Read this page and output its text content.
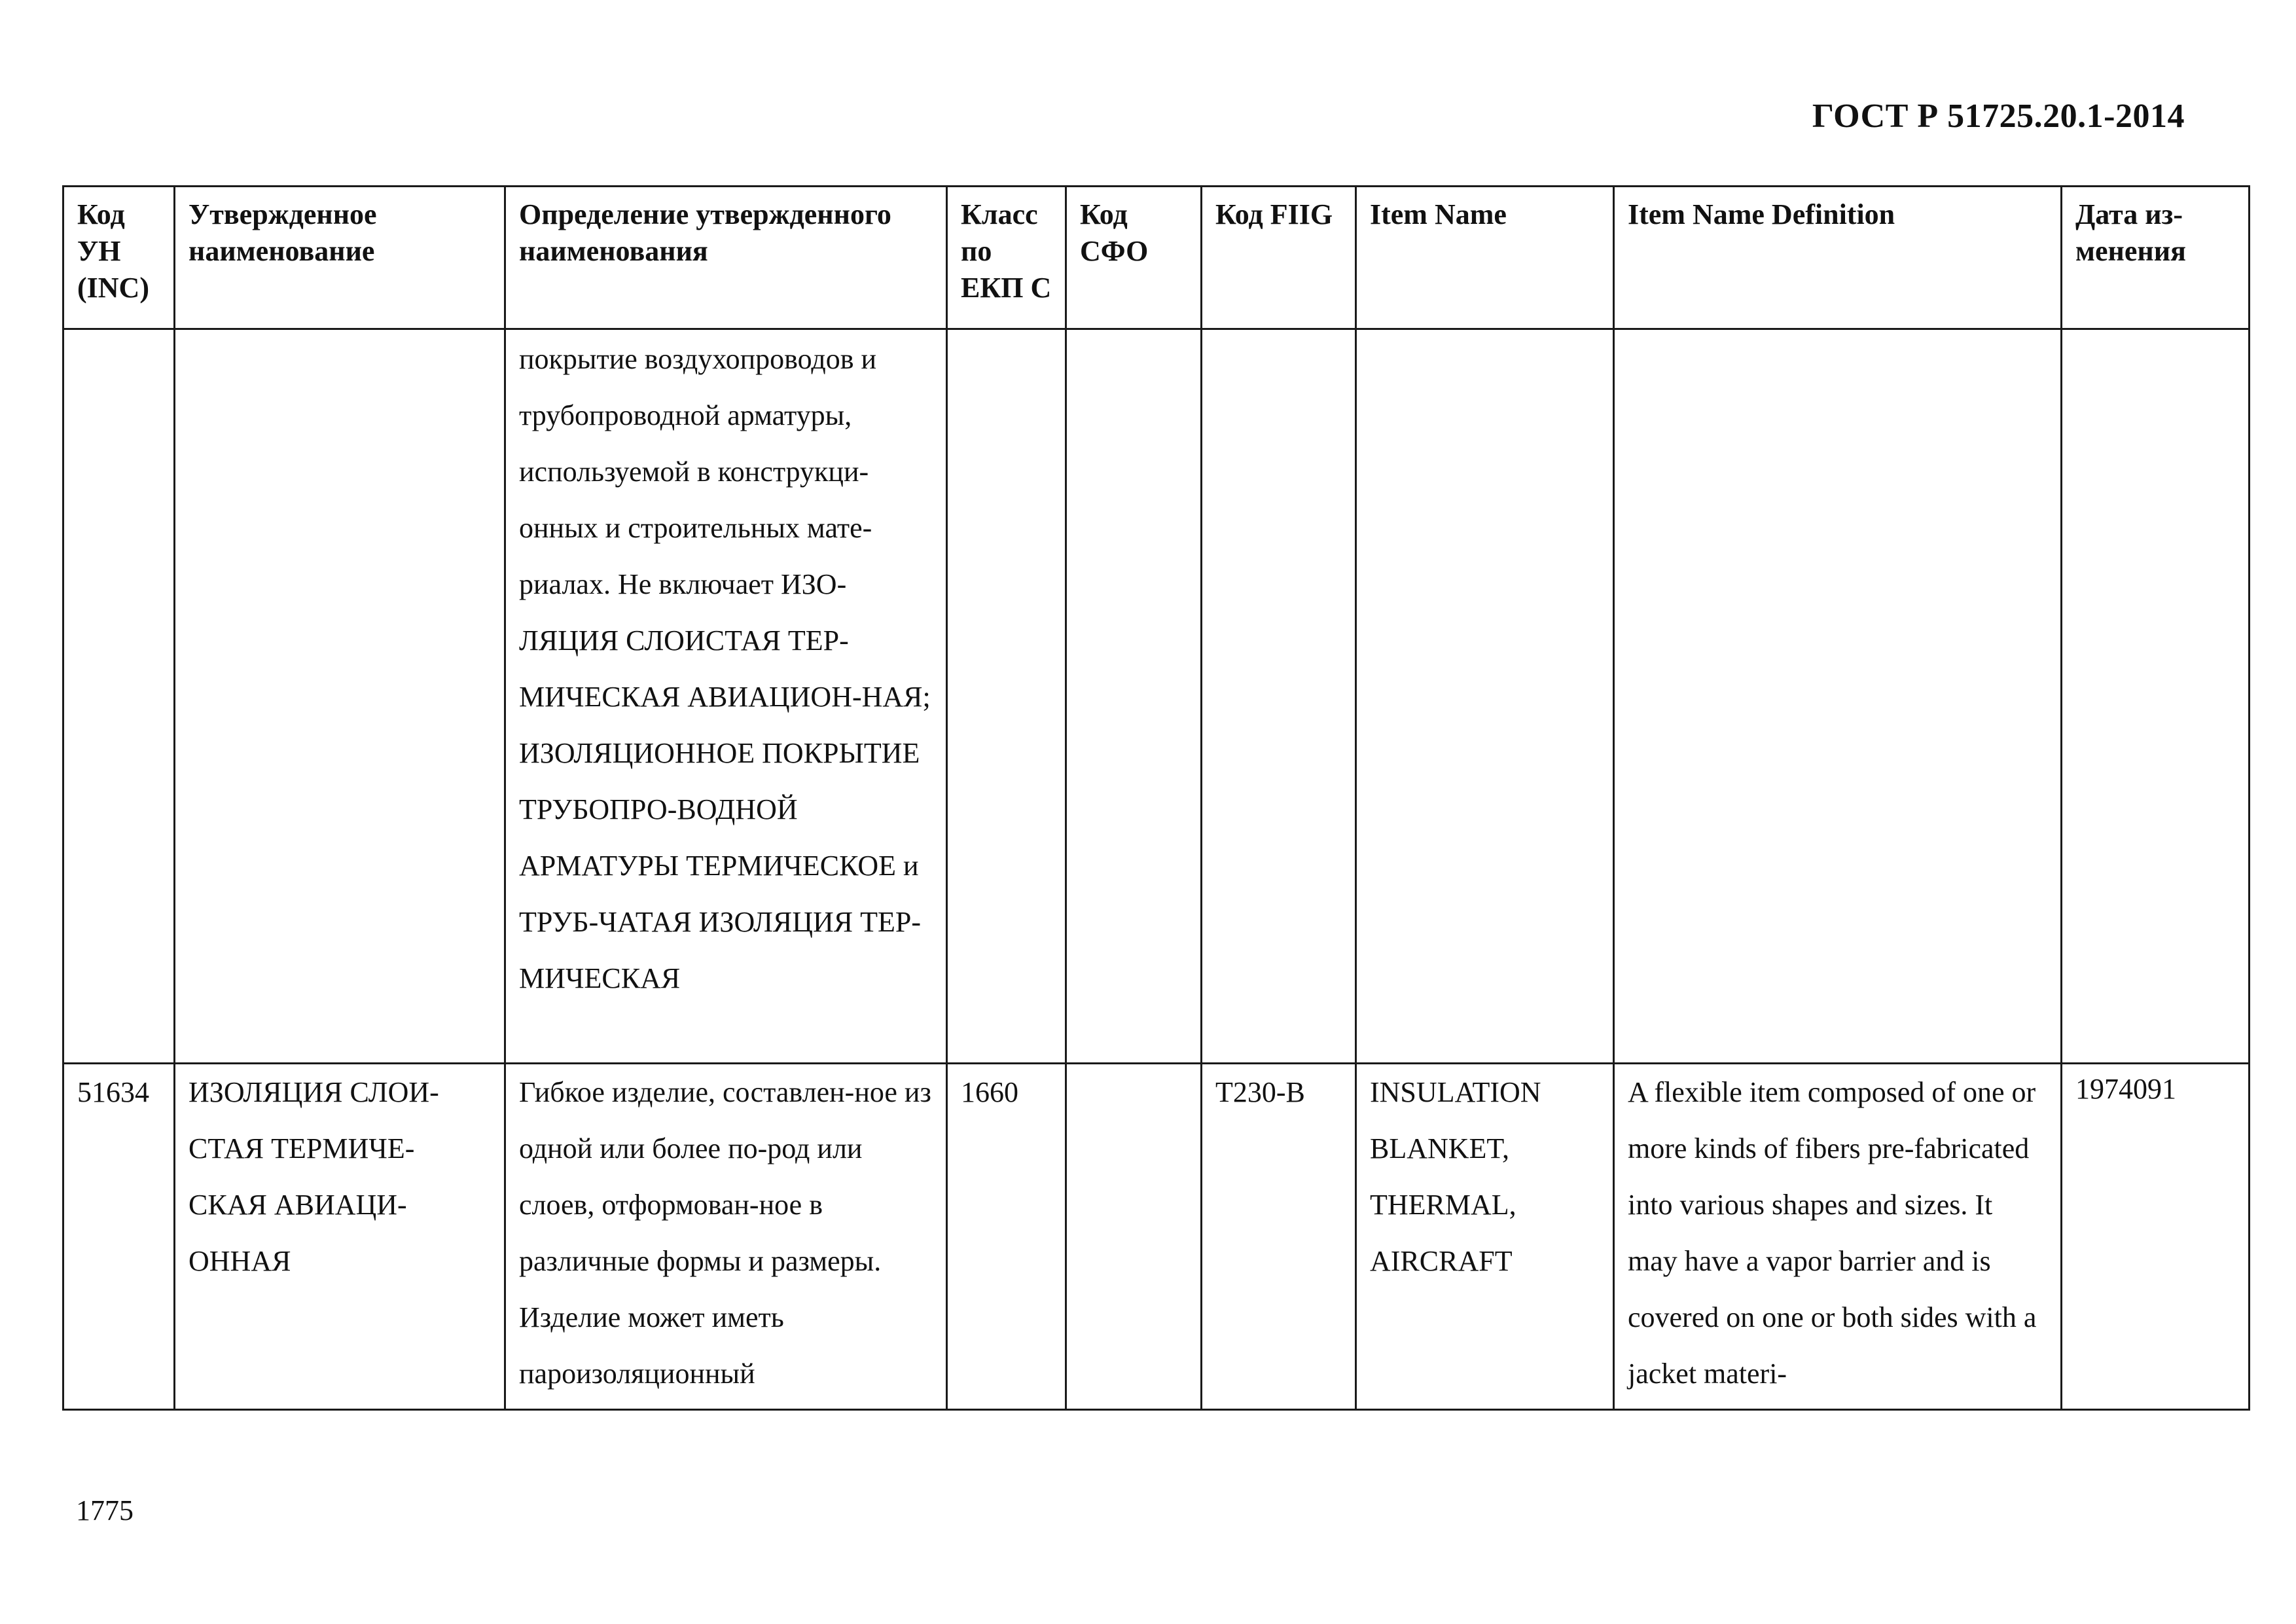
ГОСТ Р 51725.20.1-2014
Код УН (INC)	Утвержденное наименование	Определение утвержденного наименования	Класс по ЕКП С	Код СФО	Код FIIG	Item Name	Item Name Definition	Дата из-менения
		покрытие воздухопроводов и трубопроводной арматуры, используемой в конструкци-онных и строительных мате-риалах. Не включает ИЗО-ЛЯЦИЯ СЛОИСТАЯ ТЕР-МИЧЕСКАЯ АВИАЦИОН-НАЯ; ИЗОЛЯЦИОННОЕ ПОКРЫТИЕ ТРУБОПРО-ВОДНОЙ АРМАТУРЫ ТЕРМИЧЕСКОЕ и ТРУБ-ЧАТАЯ ИЗОЛЯЦИЯ ТЕР-МИЧЕСКАЯ						
51634	ИЗОЛЯЦИЯ СЛОИ-СТАЯ ТЕРМИЧЕ-СКАЯ АВИАЦИ-ОННАЯ	Гибкое изделие, составлен-ное из одной или более по-род или слоев, отформован-ное в различные формы и размеры. Изделие может иметь пароизоляционный	1660		T230-B	INSULATION BLANKET, THERMAL, AIRCRAFT	A flexible item composed of one or more kinds of fibers pre-fabricated into various shapes and sizes. It may have a vapor barrier and is covered on one or both sides with a jacket materi-	1974091
1775
